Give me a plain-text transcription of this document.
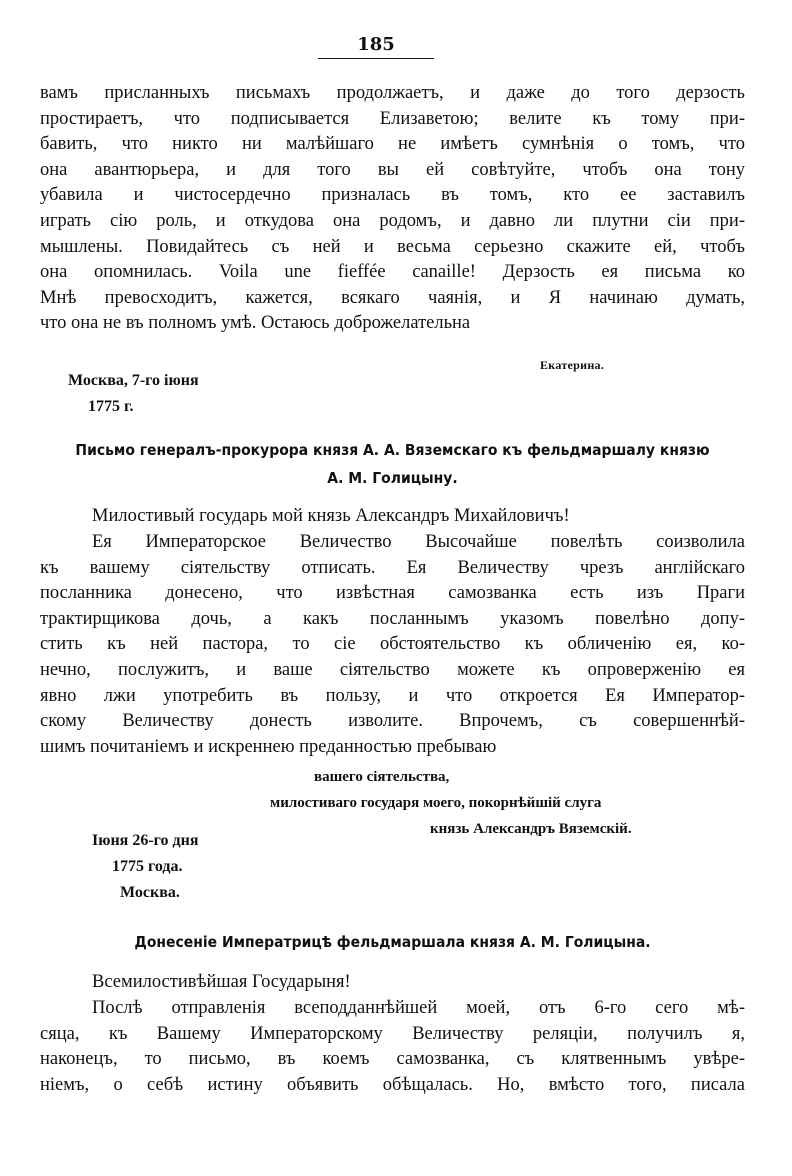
185
вамъ присланныхъ письмахъ продолжаетъ, и даже до того дерзость
простираетъ, что подписывается Елизаветою; велите къ тому при-
бавить, что никто ни малѣйшаго не имѣетъ сумнѣнія о томъ, что
она авантюрьера, и для того вы ей совѣтуйте, чтобъ она тону
убавила и чистосердечно призналась въ томъ, кто ее заставилъ
играть сію роль, и откудова она родомъ, и давно ли плутни сіи при-
мышлены. Повидайтесь съ ней и весьма серьезно скажите ей, чтобъ
она опомнилась. Voila une fieffée canaille! Дерзость ея письма ко
Мнѣ превосходитъ, кажется, всякаго чаянія, и Я начинаю думать,
что она не въ полномъ умѣ. Остаюсь доброжелательна
Екатерина.
Москва, 7-го іюня
1775 г.
Письмо генералъ-прокурора князя А. А. Вяземскаго къ фельдмаршалу князю
А. М. Голицыну.
Милостивый государь мой князь Александръ Михайловичъ!
Ея Императорское Величество Высочайше повелѣть соизволила
къ вашему сіятельству отписать. Ея Величеству чрезъ англійскаго
посланника донесено, что извѣстная самозванка есть изъ Праги
трактирщикова дочь, а какъ посланнымъ указомъ повелѣно допу-
стить къ ней пастора, то сіе обстоятельство къ обличенію ея, ко-
нечно, послужитъ, и ваше сіятельство можете къ опроверженію ея
явно лжи употребить въ пользу, и что откроется Ея Император-
скому Величеству донесть изволите. Впрочемъ, съ совершеннѣй-
шимъ почитаніемъ и искреннею преданностью пребываю
вашего сіятельства,
милостиваго государя моего, покорнѣйшій слуга
князь Александръ Вяземскій.
Іюня 26-го дня
1775 года.
Москва.
Донесеніе Императрицѣ фельдмаршала князя А. М. Голицына.
Всемилостивѣйшая Государыня!
Послѣ отправленія всеподданнѣйшей моей, отъ 6-го сего мѣ-
сяца, къ Вашему Императорскому Величеству реляціи, получилъ я,
наконецъ, то письмо, въ коемъ самозванка, съ клятвеннымъ увѣре-
ніемъ, о себѣ истину объявить обѣщалась. Но, вмѣсто того, писала
